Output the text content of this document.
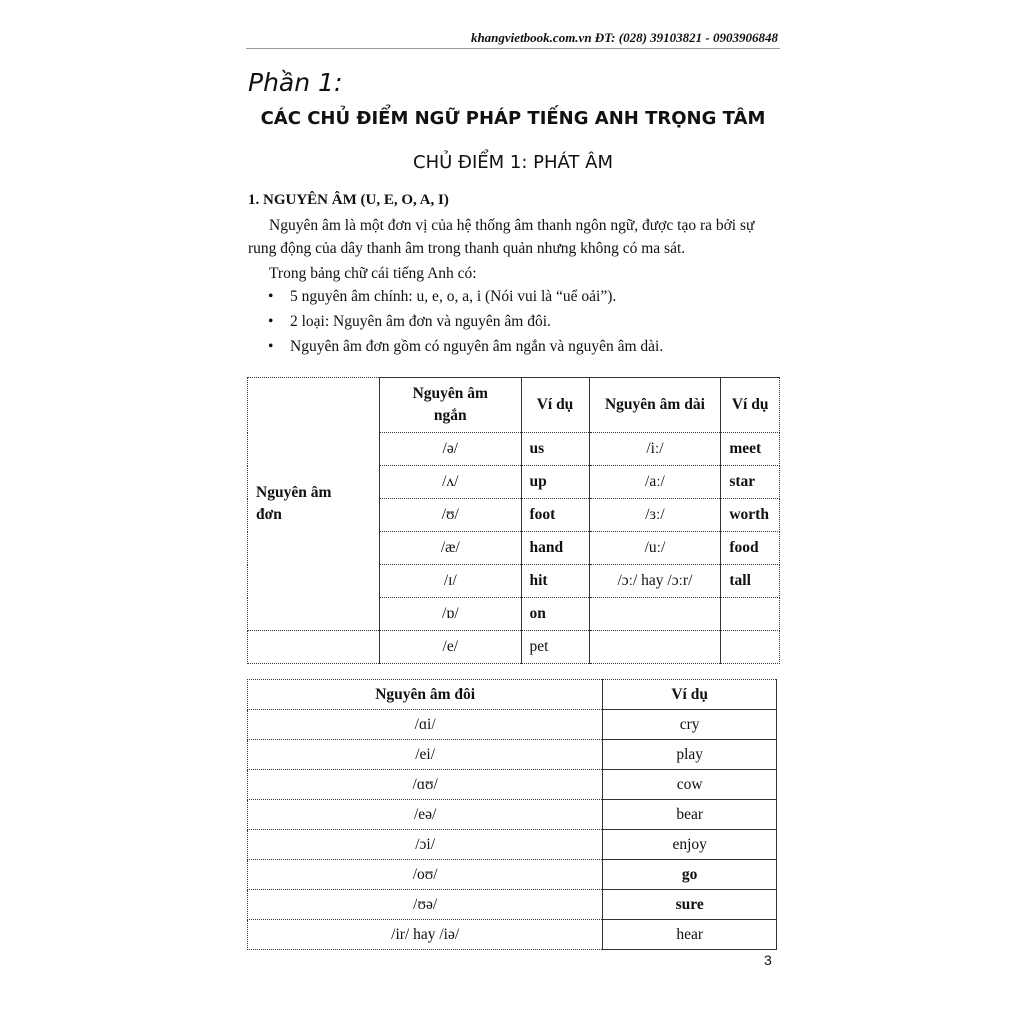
khangvietbook.com.vn ĐT: (028) 39103821 - 0903906848
Phần 1:
CÁC CHỦ ĐIỂM NGỮ PHÁP TIẾNG ANH TRỌNG TÂM
CHỦ ĐIỂM 1: PHÁT ÂM
1. NGUYÊN ÂM (U, E, O, A, I)
Nguyên âm là một đơn vị của hệ thống âm thanh ngôn ngữ, được tạo ra bởi sự rung động của dây thanh âm trong thanh quản nhưng không có ma sát.
Trong bảng chữ cái tiếng Anh có:
• 5 nguyên âm chính: u, e, o, a, i (Nói vui là “uể oải”).
• 2 loại: Nguyên âm đơn và nguyên âm đôi.
• Nguyên âm đơn gồm có nguyên âm ngắn và nguyên âm dài.
Nguyên âm đơn	Nguyên âm ngắn	Ví dụ	Nguyên âm dài	Ví dụ
	/ə/	us	/iː/	meet
	/ʌ/	up	/aː/	star
	/ʊ/	foot	/ɜː/	worth
	/æ/	hand	/uː/	food
	/ɪ/	hit	/ɔː/ hay /ɔːr/	tall
	/ɒ/	on		
	/e/	pet		
Nguyên âm đôi	Ví dụ
/ɑi/	cry
/ei/	play
/ɑʊ/	cow
/eə/	bear
/ɔi/	enjoy
/oʊ/	go
/ʊə/	sure
/ir/ hay /iə/	hear
3
